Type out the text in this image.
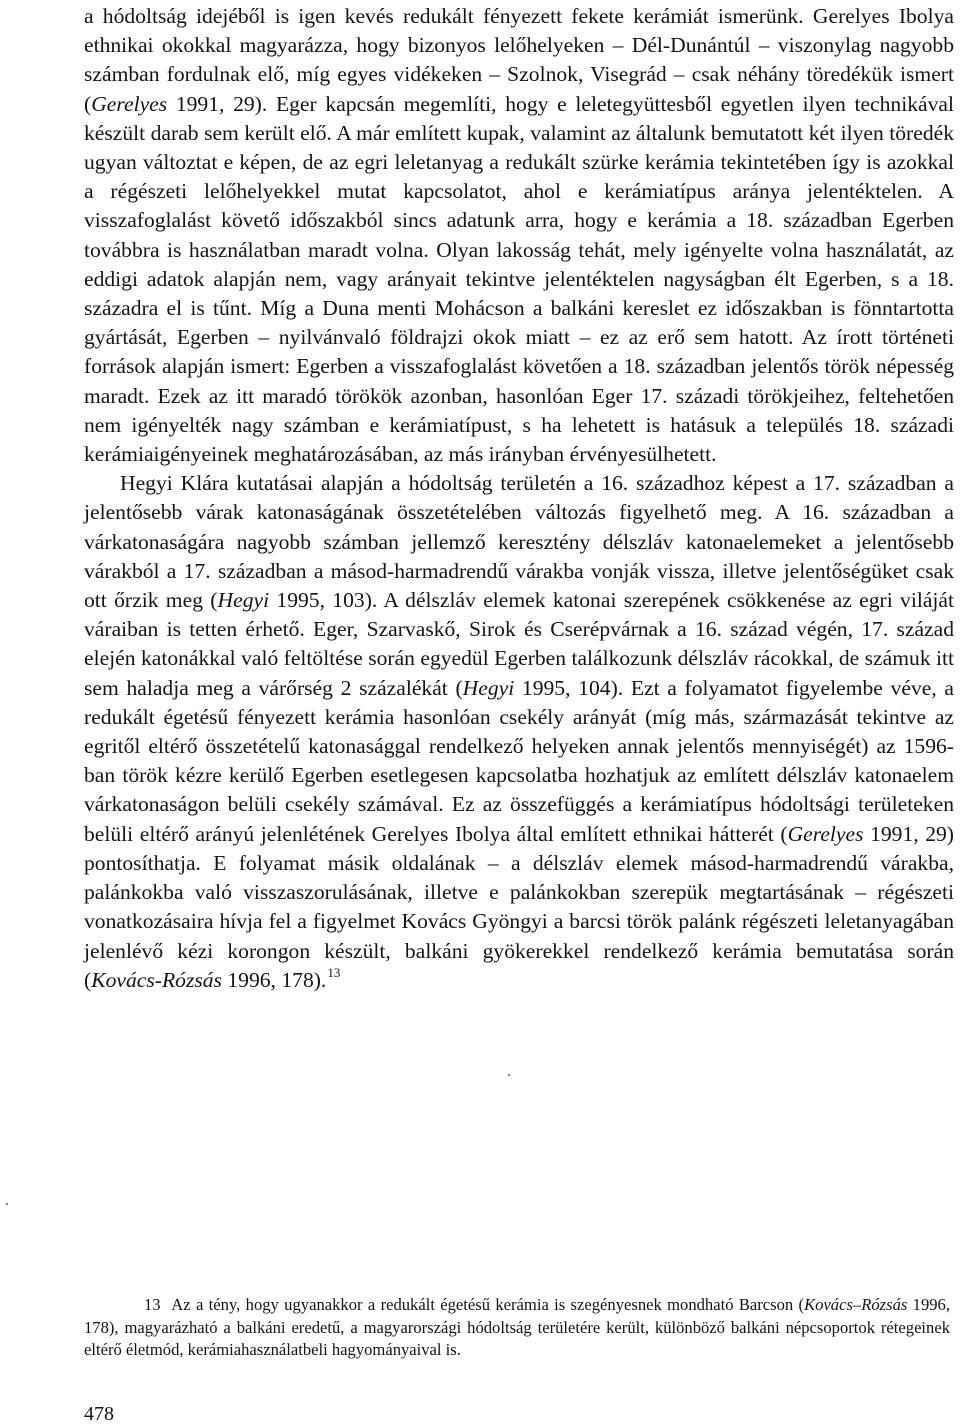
a hódoltság idejéből is igen kevés redukált fényezett fekete kerámiát ismerünk. Gerelyes Ibolya ethnikai okokkal magyarázza, hogy bizonyos lelőhelyeken – Dél-Dunántúl – viszonylag nagyobb számban fordulnak elő, míg egyes vidékeken – Szolnok, Visegrád – csak néhány töredékük ismert (Gerelyes 1991, 29). Eger kapcsán megemlíti, hogy e leletegyüttesből egyetlen ilyen technikával készült darab sem került elő. A már említett kupak, valamint az általunk bemutatott két ilyen töredék ugyan változtat e képen, de az egri leletanyag a redukált szürke kerámia tekintetében így is azokkal a régészeti lelőhelyekkel mutat kapcsolatot, ahol e kerámiatípus aránya jelentéktelen. A visszafoglalást követő időszakból sincs adatunk arra, hogy e kerámia a 18. században Egerben továbbra is használatban maradt volna. Olyan lakosság tehát, mely igényelte volna használatát, az eddigi adatok alapján nem, vagy arányait tekintve jelentéktelen nagyságban élt Egerben, s a 18. századra el is tűnt. Míg a Duna menti Mohácson a balkáni kereslet ez időszakban is fönntartotta gyártását, Egerben – nyilvánvaló földrajzi okok miatt – ez az erő sem hatott. Az írott történeti források alapján ismert: Egerben a visszafoglalást követően a 18. században jelentős török népesség maradt. Ezek az itt maradó törökök azonban, hasonlóan Eger 17. századi törökjeihez, feltehetően nem igényelték nagy számban e kerámiatípust, s ha lehetett is hatásuk a település 18. századi kerámiaigényeinek meghatározásában, az más irányban érvényesülhetett.

Hegyi Klára kutatásai alapján a hódoltság területén a 16. századhoz képest a 17. században a jelentősebb várak katonaságának összetételében változás figyelhető meg. A 16. században a várkatonaságára nagyobb számban jellemző keresztény délszláv katonaelemeket a jelentősebb várakból a 17. században a másod-harmadrendű várakba vonják vissza, illetve jelentőségüket csak ott őrzik meg (Hegyi 1995, 103). A délszláv elemek katonai szerepének csökkenése az egri viláját váraiban is tetten érhető. Eger, Szarvaskő, Sirok és Cserépvárnak a 16. század végén, 17. század elején katonákkal való feltöltése során egyedül Egerben találkozunk délszláv rácokkal, de számuk itt sem haladja meg a várőrség 2 százalékát (Hegyi 1995, 104). Ezt a folyamatot figyelembe véve, a redukált égetésű fényezett kerámia hasonlóan csekély arányát (míg más, származását tekintve az egritől eltérő összetételű katonasággal rendelkező helyeken annak jelentős mennyiségét) az 1596-ban török kézre kerülő Egerben esetlegesen kapcsolatba hozhatjuk az említett délszláv katonaelem várkatonaságon belüli csekély számával. Ez az összefüggés a kerámiatípus hódoltsági területeken belüli eltérő arányú jelenlétének Gerelyes Ibolya által említett ethnikai hátterét (Gerelyes 1991, 29) pontosíthatja. E folyamat másik oldalának – a délszláv elemek másod-harmadrendű várakba, palánkokba való visszaszorulásának, illetve e palánkokban szerepük megtartásának – régészeti vonatkozásaira hívja fel a figyelmet Kovács Gyöngyi a barcsi török palánk régészeti leletanyagában jelenlévő kézi korongon készült, balkáni gyökerekkel rendelkező kerámia bemutatása során (Kovács-Rózsás 1996, 178).$^{13}$

13 Az a tény, hogy ugyanakkor a redukált égetésű kerámia is szegényesnek mondható Barcson (Kovács–Rózsás 1996, 178), magyarázható a balkáni eredetű, a magyarországi hódoltság területére került, különböző balkáni népcsoportok rétegeinek eltérő életmód, kerámiahasználatbeli hagyományaival is.
478
